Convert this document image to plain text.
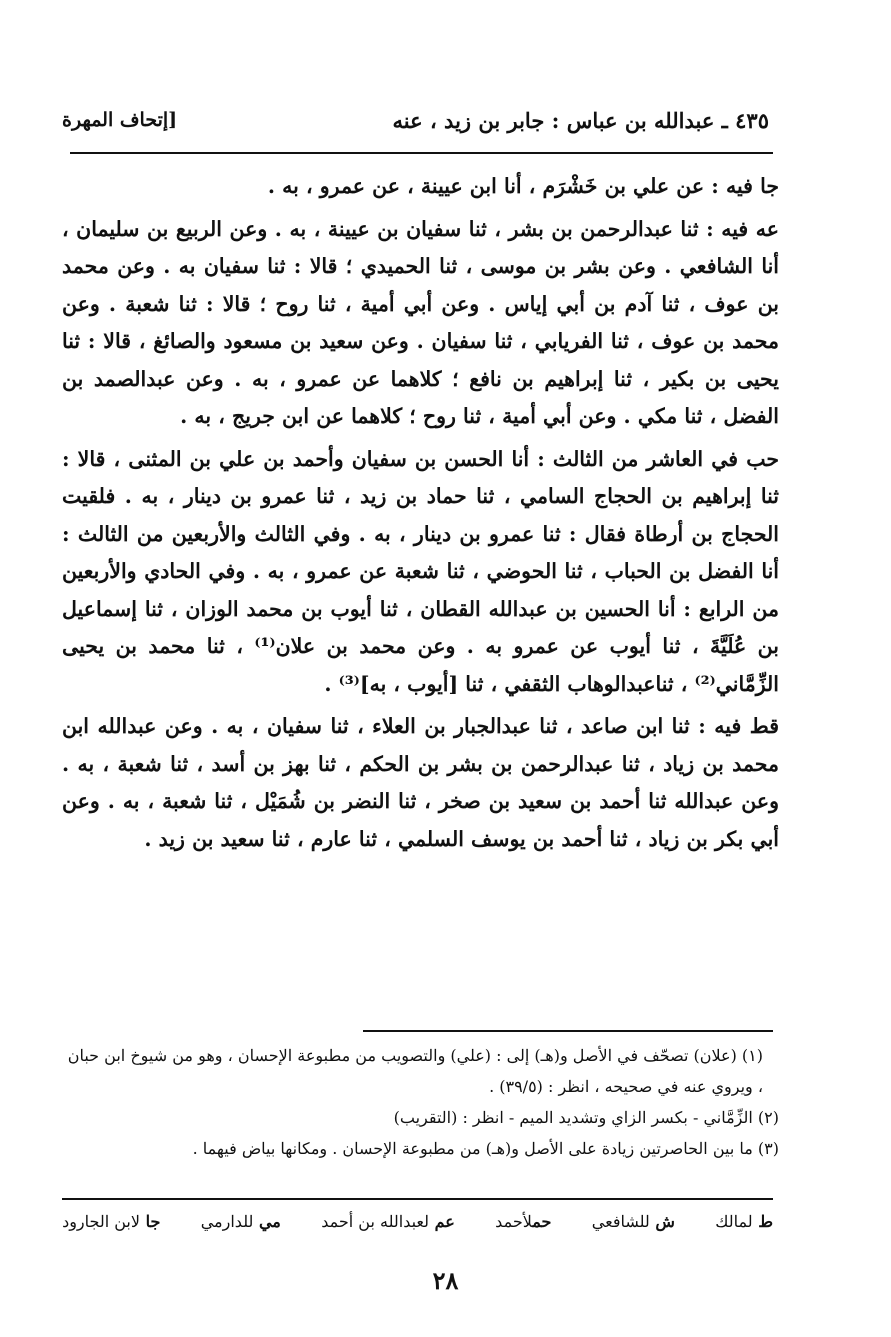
٤٣٥ ـ عبدالله بن عباس : جابر بن زيد ، عنه
[إتحاف المهرة

جا فيه : عن علي بن خَشْرَم ، أنا ابن عيينة ، عن عمرو ، به .

عه فيه : ثنا عبدالرحمن بن بشر ، ثنا سفيان بن عيينة ، به . وعن الربيع بن سليمان ، أنا الشافعي . وعن بشر بن موسى ، ثنا الحميدي ؛ قالا : ثنا سفيان به . وعن محمد بن عوف ، ثنا آدم بن أبي إياس . وعن أبي أمية ، ثنا روح ؛ قالا : ثنا شعبة . وعن محمد بن عوف ، ثنا الفريابي ، ثنا سفيان . وعن سعيد بن مسعود والصائغ ، قالا : ثنا يحيى بن بكير ، ثنا إبراهيم بن نافع ؛ كلاهما عن عمرو ، به . وعن عبدالصمد بن الفضل ، ثنا مكي . وعن أبي أمية ، ثنا روح ؛ كلاهما عن ابن جريج ، به .

حب في العاشر من الثالث : أنا الحسن بن سفيان وأحمد بن علي بن المثنى ، قالا : ثنا إبراهيم بن الحجاج السامي ، ثنا حماد بن زيد ، ثنا عمرو بن دينار ، به . فلقيت الحجاج بن أرطاة فقال : ثنا عمرو بن دينار ، به . وفي الثالث والأربعين من الثالث : أنا الفضل بن الحباب ، ثنا الحوضي ، ثنا شعبة عن عمرو ، به . وفي الحادي والأربعين من الرابع : أنا الحسين بن عبدالله القطان ، ثنا أيوب بن محمد الوزان ، ثنا إسماعيل بن عُلَيَّةَ ، ثنا أيوب عن عمرو به . وعن محمد بن علان⁽¹⁾ ، ثنا محمد بن يحيى الزِّمَّاني⁽²⁾ ، ثناعبدالوهاب الثقفي ، ثنا [أيوب ، به]⁽³⁾ .

قط فيه : ثنا ابن صاعد ، ثنا عبدالجبار بن العلاء ، ثنا سفيان ، به . وعن عبدالله ابن محمد بن زياد ، ثنا عبدالرحمن بن بشر بن الحكم ، ثنا بهز بن أسد ، ثنا شعبة ، به . وعن عبدالله ثنا أحمد بن سعيد بن صخر ، ثنا النضر بن شُمَيْل ، ثنا شعبة ، به . وعن أبي بكر بن زياد ، ثنا أحمد بن يوسف السلمي ، ثنا عارم ، ثنا سعيد بن زيد .

(١) (علان) تصحّف في الأصل و(هـ) إلى : (علي) والتصويب من مطبوعة الإحسان ، وهو من شيوخ ابن حبان ، ويروي عنه في صحيحه ، انظر : (٣٩/٥) .

(٢) الزِّمَّاني - بكسر الزاي وتشديد الميم - انظر : (التقريب)

(٣) ما بين الحاصرتين زيادة على الأصل و(هـ) من مطبوعة الإحسان . ومكانها بياض فيهما .

ط لمالك
ش للشافعي
حملأحمد
عم لعبدالله بن أحمد
مي للدارمي
جا لابن الجارود
٢٨
